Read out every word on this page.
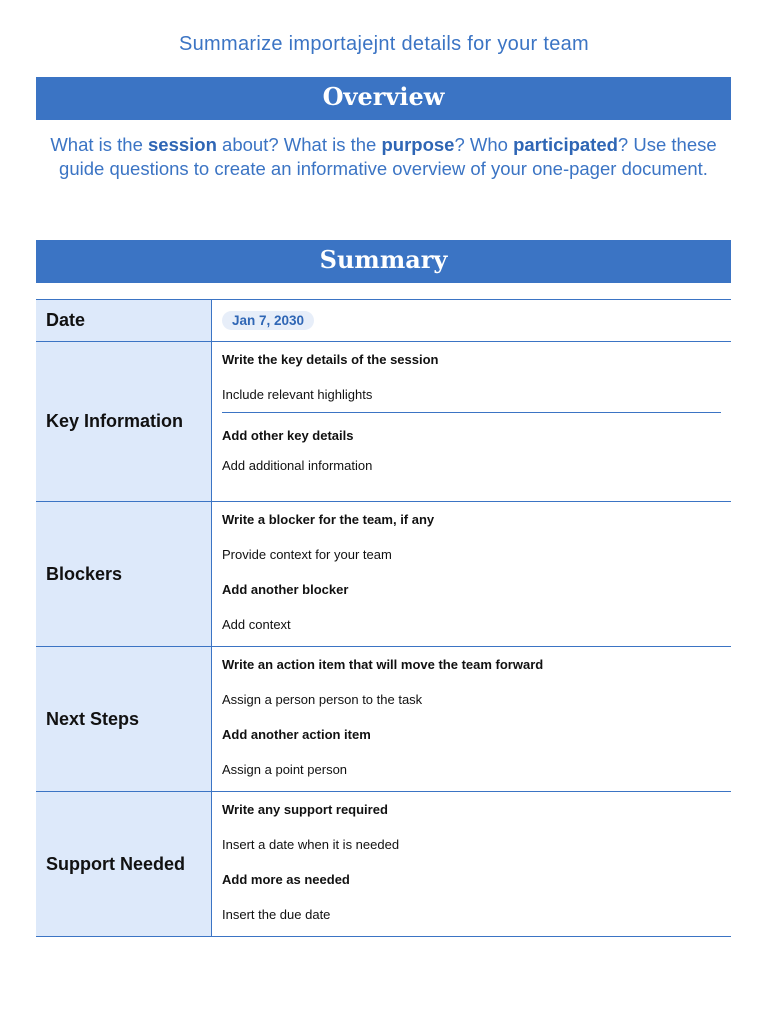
Summarize importajejnt details for your team
Overview

What is the session about? What is the purpose? Who participated? Use these guide questions to create an informative overview of your one-pager document.

Summary
Date	Jan 7, 2030
Key Information
Write the key details of the session
Include relevant highlights
Add other key details
Add additional information
Blockers
Write a blocker for the team, if any
Provide context for your team
Add another blocker
Add context
Next Steps
Write an action item that will move the team forward
Assign a person person to the task
Add another action item
Assign a point person
Support Needed
Write any support required
Insert a date when it is needed
Add more as needed
Insert the due date
